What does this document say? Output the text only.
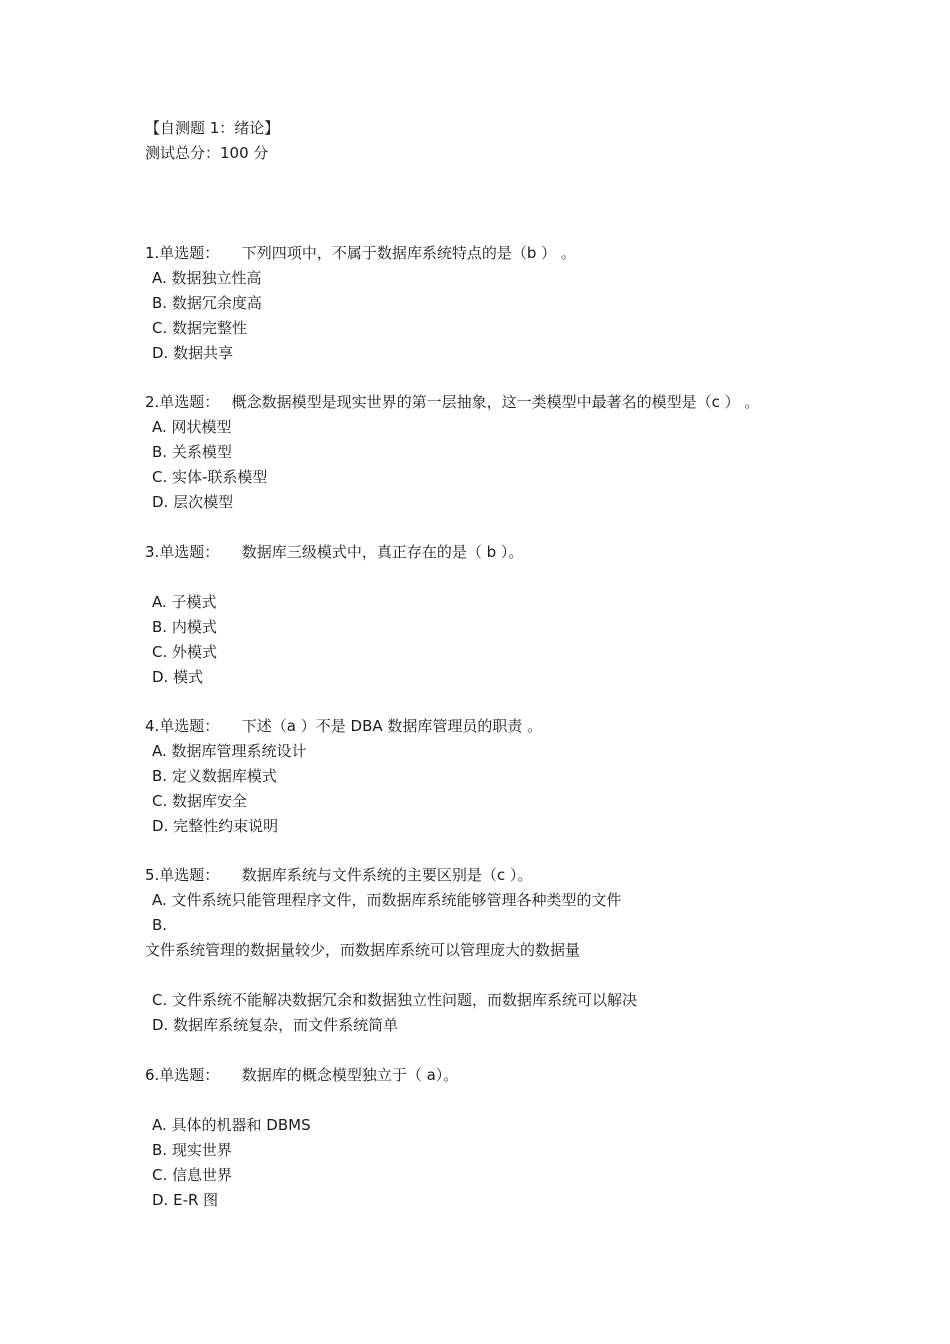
【自测题 1：绪论】
测试总分：100 分
1.单选题：　　下列四项中，不属于数据库系统特点的是（b ） 。
A. 数据独立性高
B. 数据冗余度高
C. 数据完整性
D. 数据共享
2.单选题：　 概念数据模型是现实世界的第一层抽象，这一类模型中最著名的模型是（c ） 。
A. 网状模型
B. 关系模型
C. 实体-联系模型
D. 层次模型
3.单选题：　　数据库三级模式中，真正存在的是（ b ）。
A. 子模式
B. 内模式
C. 外模式
D. 模式
4.单选题：　　下述（a ）不是 DBA 数据库管理员的职责 。
A. 数据库管理系统设计
B. 定义数据库模式
C. 数据库安全
D. 完整性约束说明
5.单选题：　　数据库系统与文件系统的主要区别是（c ）。
A. 文件系统只能管理程序文件，而数据库系统能够管理各种类型的文件
B.
文件系统管理的数据量较少，而数据库系统可以管理庞大的数据量
C. 文件系统不能解决数据冗余和数据独立性问题，而数据库系统可以解决
D. 数据库系统复杂，而文件系统简单
6.单选题：　　数据库的概念模型独立于（ a）。
A. 具体的机器和 DBMS
B. 现实世界
C. 信息世界
D. E-R 图
